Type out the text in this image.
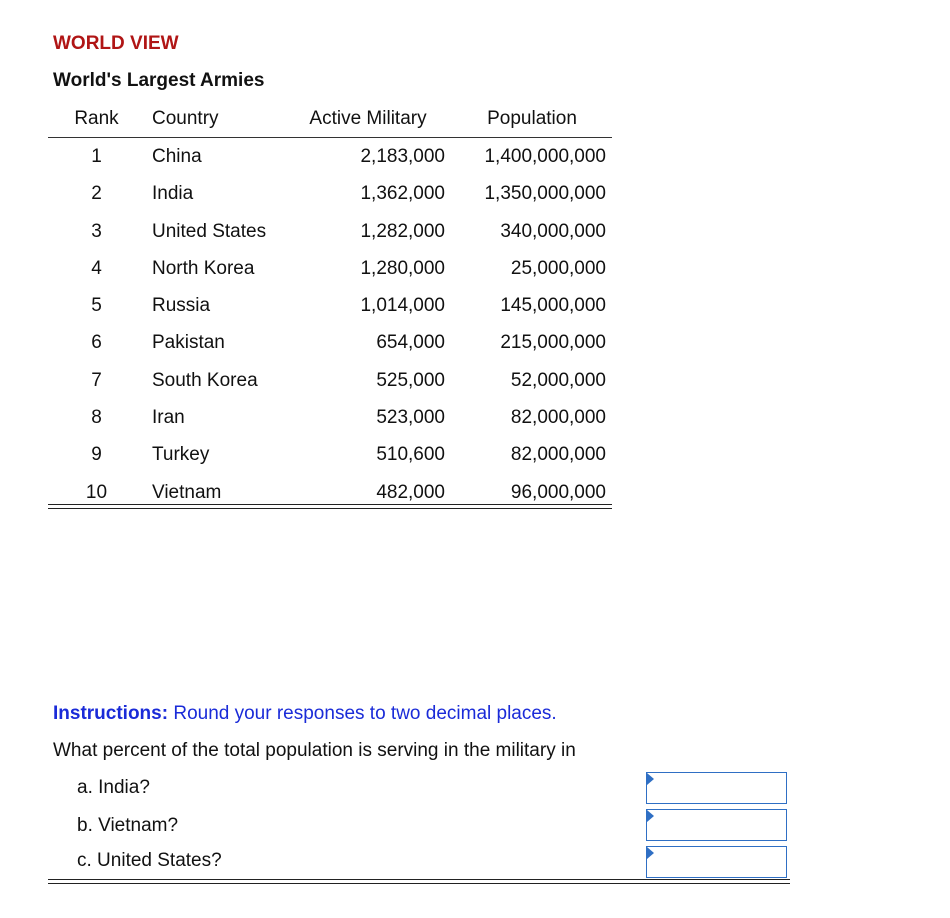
WORLD VIEW
World's Largest Armies
Rank	Country	Active Military	Population
1	China	2,183,000	1,400,000,000
2	India	1,362,000	1,350,000,000
3	United States	1,282,000	340,000,000
4	North Korea	1,280,000	25,000,000
5	Russia	1,014,000	145,000,000
6	Pakistan	654,000	215,000,000
7	South Korea	525,000	52,000,000
8	Iran	523,000	82,000,000
9	Turkey	510,600	82,000,000
10	Vietnam	482,000	96,000,000
Instructions: Round your responses to two decimal places.
What percent of the total population is serving in the military in
a. India?
b. Vietnam?
c. United States?
